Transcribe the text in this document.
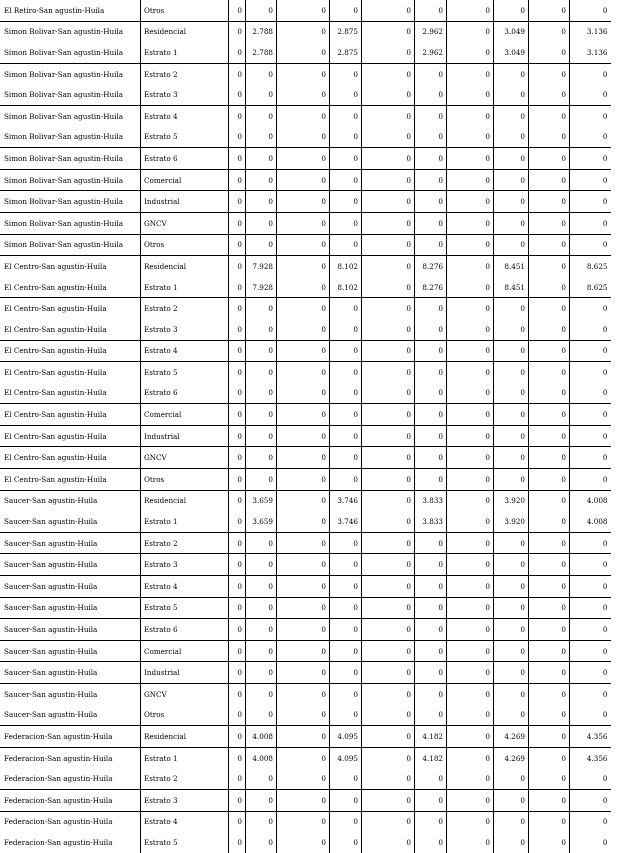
El Retiro-San agustin-Huila	Otros	0	0	0	0	0	0	0	0	0	0
Simon Bolivar-San agustin-Huila	Residencial	0	2.788	0	2.875	0	2.962	0	3.049	0	3.136
Simon Bolivar-San agustin-Huila	Estrato 1	0	2.788	0	2.875	0	2.962	0	3.049	0	3.136
Simon Bolivar-San agustin-Huila	Estrato 2	0	0	0	0	0	0	0	0	0	0
Simon Bolivar-San agustin-Huila	Estrato 3	0	0	0	0	0	0	0	0	0	0
Simon Bolivar-San agustin-Huila	Estrato 4	0	0	0	0	0	0	0	0	0	0
Simon Bolivar-San agustin-Huila	Estrato 5	0	0	0	0	0	0	0	0	0	0
Simon Bolivar-San agustin-Huila	Estrato 6	0	0	0	0	0	0	0	0	0	0
Simon Bolivar-San agustin-Huila	Comercial	0	0	0	0	0	0	0	0	0	0
Simon Bolivar-San agustin-Huila	Industrial	0	0	0	0	0	0	0	0	0	0
Simon Bolivar-San agustin-Huila	GNCV	0	0	0	0	0	0	0	0	0	0
Simon Bolivar-San agustin-Huila	Otros	0	0	0	0	0	0	0	0	0	0
El Centro-San agustin-Huila	Residencial	0	7.928	0	8.102	0	8.276	0	8.451	0	8.625
El Centro-San agustin-Huila	Estrato 1	0	7.928	0	8.102	0	8.276	0	8.451	0	8.625
El Centro-San agustin-Huila	Estrato 2	0	0	0	0	0	0	0	0	0	0
El Centro-San agustin-Huila	Estrato 3	0	0	0	0	0	0	0	0	0	0
El Centro-San agustin-Huila	Estrato 4	0	0	0	0	0	0	0	0	0	0
El Centro-San agustin-Huila	Estrato 5	0	0	0	0	0	0	0	0	0	0
El Centro-San agustin-Huila	Estrato 6	0	0	0	0	0	0	0	0	0	0
El Centro-San agustin-Huila	Comercial	0	0	0	0	0	0	0	0	0	0
El Centro-San agustin-Huila	Industrial	0	0	0	0	0	0	0	0	0	0
El Centro-San agustin-Huila	GNCV	0	0	0	0	0	0	0	0	0	0
El Centro-San agustin-Huila	Otros	0	0	0	0	0	0	0	0	0	0
Saucer-San agustin-Huila	Residencial	0	3.659	0	3.746	0	3.833	0	3.920	0	4.008
Saucer-San agustin-Huila	Estrato 1	0	3.659	0	3.746	0	3.833	0	3.920	0	4.008
Saucer-San agustin-Huila	Estrato 2	0	0	0	0	0	0	0	0	0	0
Saucer-San agustin-Huila	Estrato 3	0	0	0	0	0	0	0	0	0	0
Saucer-San agustin-Huila	Estrato 4	0	0	0	0	0	0	0	0	0	0
Saucer-San agustin-Huila	Estrato 5	0	0	0	0	0	0	0	0	0	0
Saucer-San agustin-Huila	Estrato 6	0	0	0	0	0	0	0	0	0	0
Saucer-San agustin-Huila	Comercial	0	0	0	0	0	0	0	0	0	0
Saucer-San agustin-Huila	Industrial	0	0	0	0	0	0	0	0	0	0
Saucer-San agustin-Huila	GNCV	0	0	0	0	0	0	0	0	0	0
Saucer-San agustin-Huila	Otros	0	0	0	0	0	0	0	0	0	0
Federacion-San agustin-Huila	Residencial	0	4.008	0	4.095	0	4.182	0	4.269	0	4.356
Federacion-San agustin-Huila	Estrato 1	0	4.008	0	4.095	0	4.182	0	4.269	0	4.356
Federacion-San agustin-Huila	Estrato 2	0	0	0	0	0	0	0	0	0	0
Federacion-San agustin-Huila	Estrato 3	0	0	0	0	0	0	0	0	0	0
Federacion-San agustin-Huila	Estrato 4	0	0	0	0	0	0	0	0	0	0
Federacion-San agustin-Huila	Estrato 5	0	0	0	0	0	0	0	0	0	0
